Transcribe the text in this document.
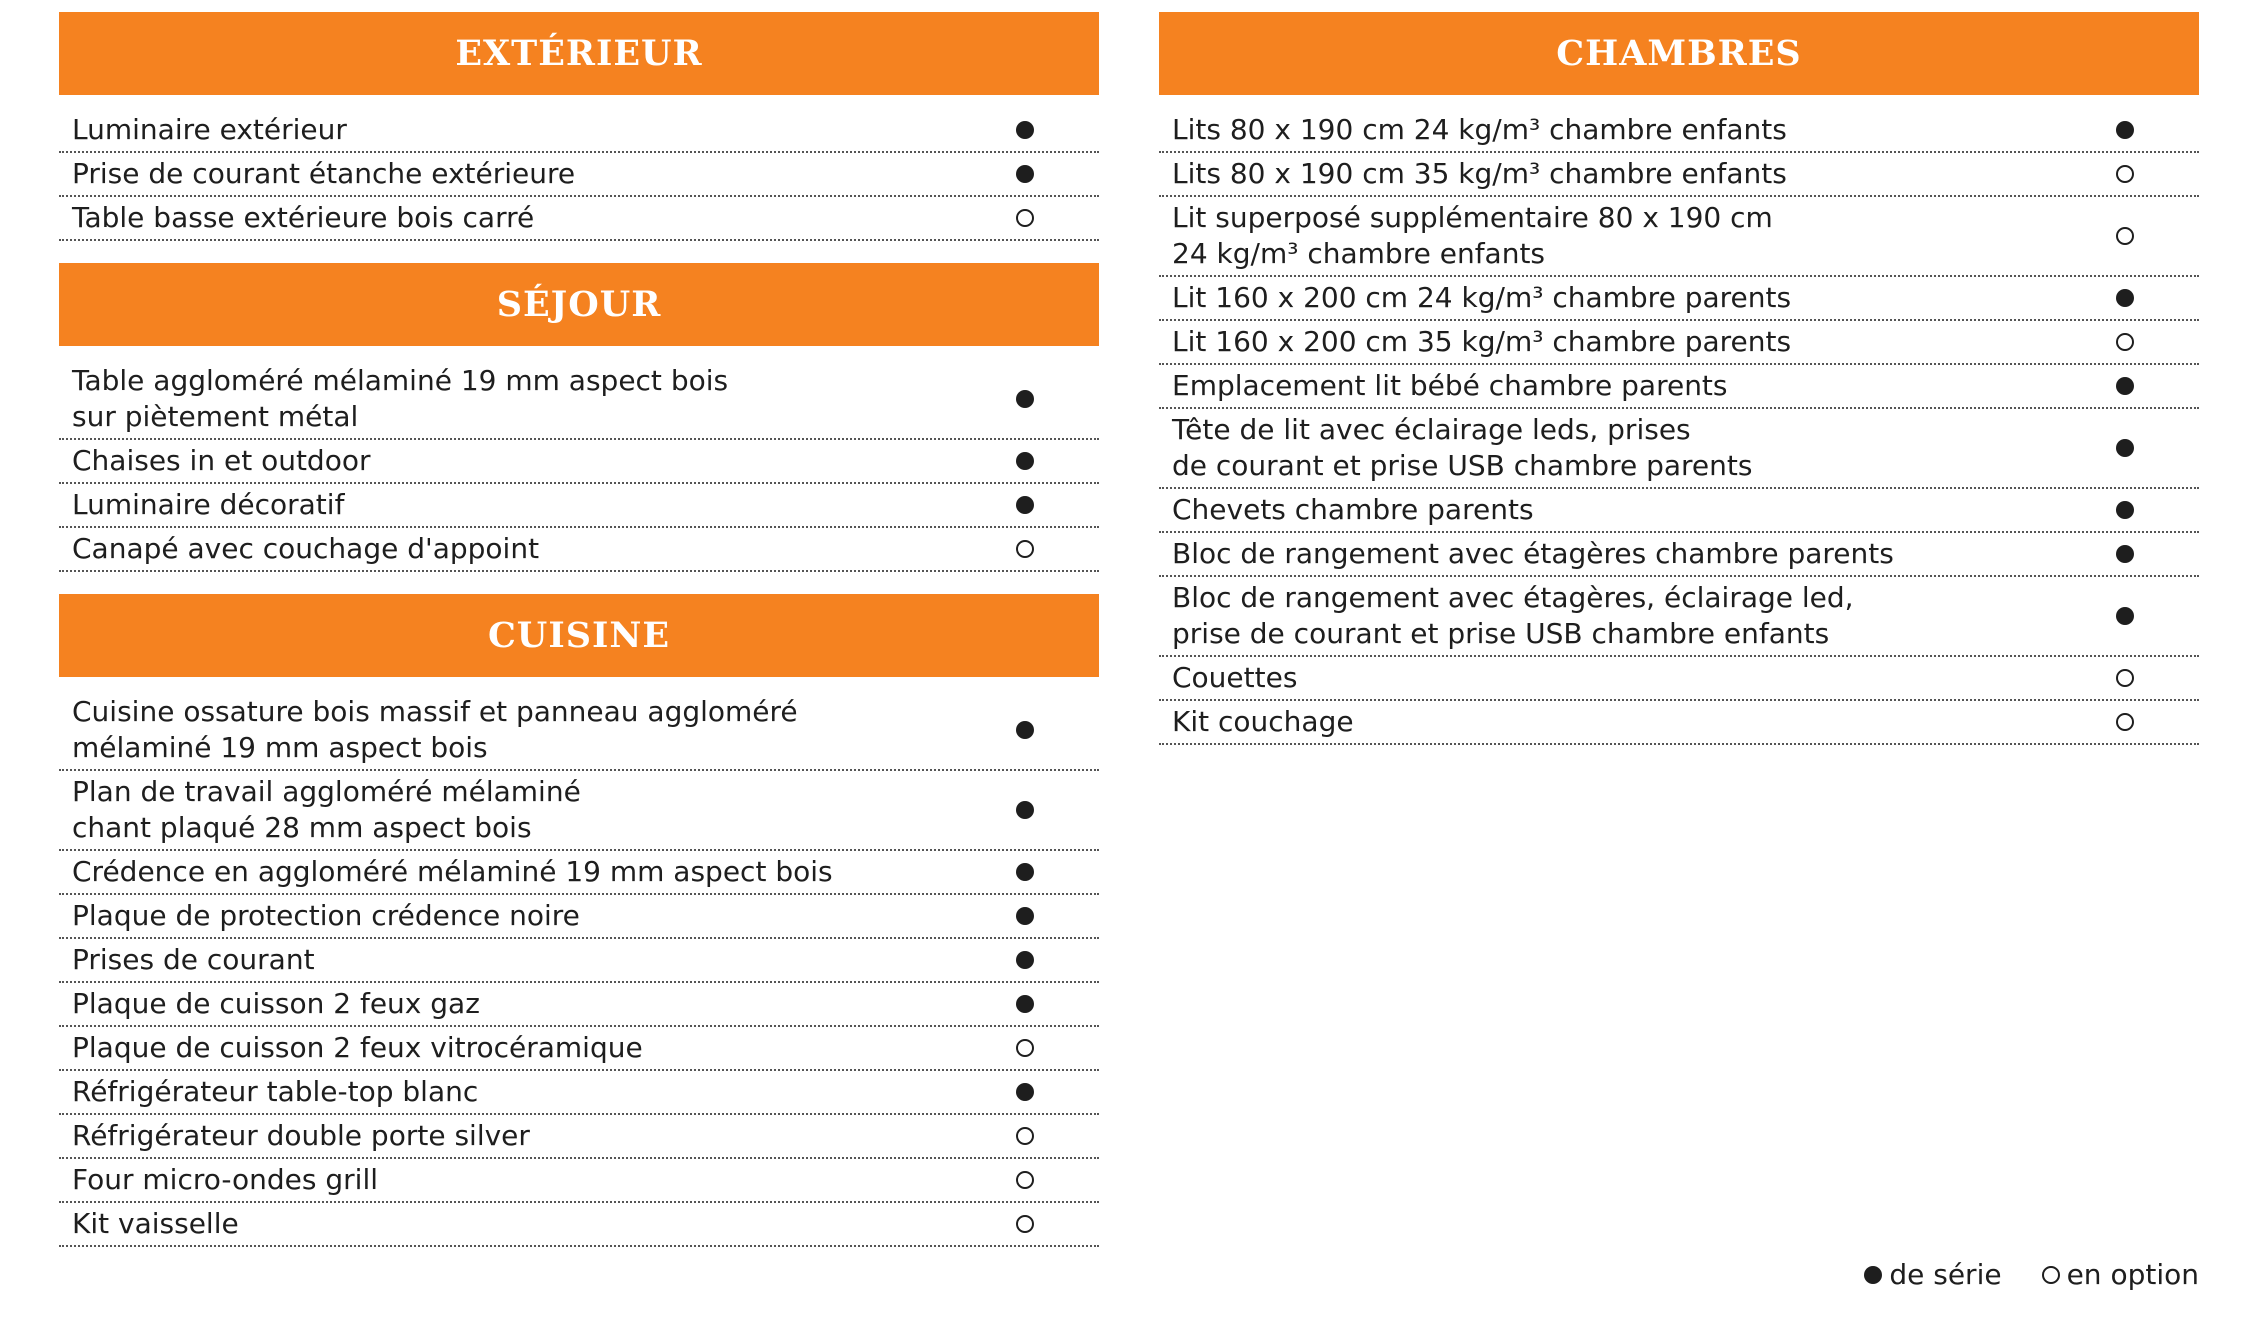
EXTÉRIEUR
Luminaire extérieur
Prise de courant étanche extérieure
Table basse extérieure bois carré
SÉJOUR
Table aggloméré mélaminé 19 mm aspect bois
sur piètement métal
Chaises in et outdoor
Luminaire décoratif
Canapé avec couchage d'appoint
CUISINE
Cuisine ossature bois massif et panneau aggloméré
mélaminé 19 mm aspect bois
Plan de travail aggloméré mélaminé
chant plaqué 28 mm aspect bois
Crédence en aggloméré mélaminé 19 mm aspect bois
Plaque de protection crédence noire
Prises de courant
Plaque de cuisson 2 feux gaz
Plaque de cuisson 2 feux vitrocéramique
Réfrigérateur table-top blanc
Réfrigérateur double porte silver
Four micro-ondes grill
Kit vaisselle
CHAMBRES
Lits 80 x 190 cm 24 kg/m³ chambre enfants
Lits 80 x 190 cm 35 kg/m³ chambre enfants
Lit superposé supplémentaire 80 x 190 cm
24 kg/m³ chambre enfants
Lit 160 x 200 cm 24 kg/m³ chambre parents
Lit 160 x 200 cm 35 kg/m³ chambre parents
Emplacement lit bébé chambre parents
Tête de lit avec éclairage leds, prises
de courant et prise USB chambre parents
Chevets chambre parents
Bloc de rangement avec étagères chambre parents
Bloc de rangement avec étagères, éclairage led,
prise de courant et prise USB chambre enfants
Couettes
Kit couchage
de série en option
